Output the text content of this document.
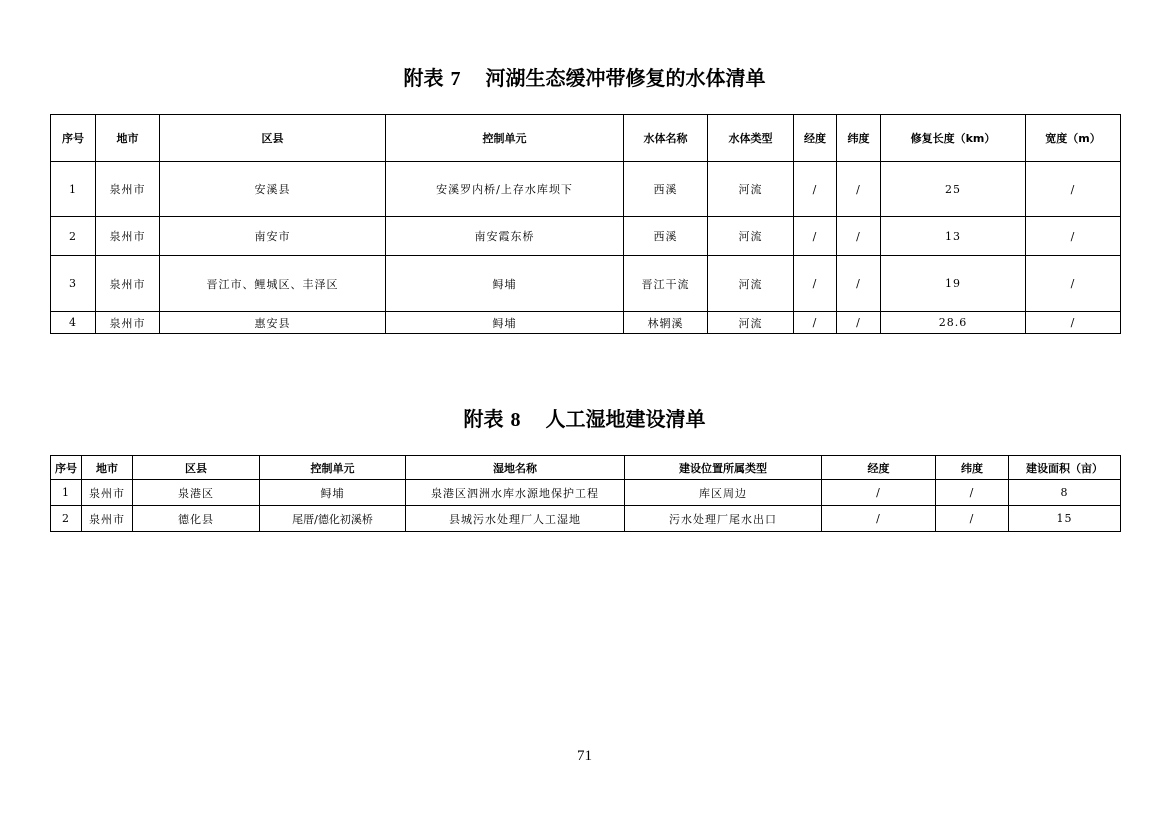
附表 7 河湖生态缓冲带修复的水体清单
序号	地市	区县	控制单元	水体名称	水体类型	经度	纬度	修复长度（km）	宽度（m）
1	泉州市	安溪县	安溪罗内桥/上存水库坝下	西溪	河流	/	/	25	/
2	泉州市	南安市	南安霞东桥	西溪	河流	/	/	13	/
3	泉州市	晋江市、鲤城区、丰泽区	鲟埔	晋江干流	河流	/	/	19	/
4	泉州市	惠安县	鲟埔	林辋溪	河流	/	/	28.6	/
附表 8 人工湿地建设清单
序号	地市	区县	控制单元	湿地名称	建设位置所属类型	经度	纬度	建设面积（亩）
1	泉州市	泉港区	鲟埔	泉港区泗洲水库水源地保护工程	库区周边	/	/	8
2	泉州市	德化县	尾厝/德化初溪桥	县城污水处理厂人工湿地	污水处理厂尾水出口	/	/	15
71
